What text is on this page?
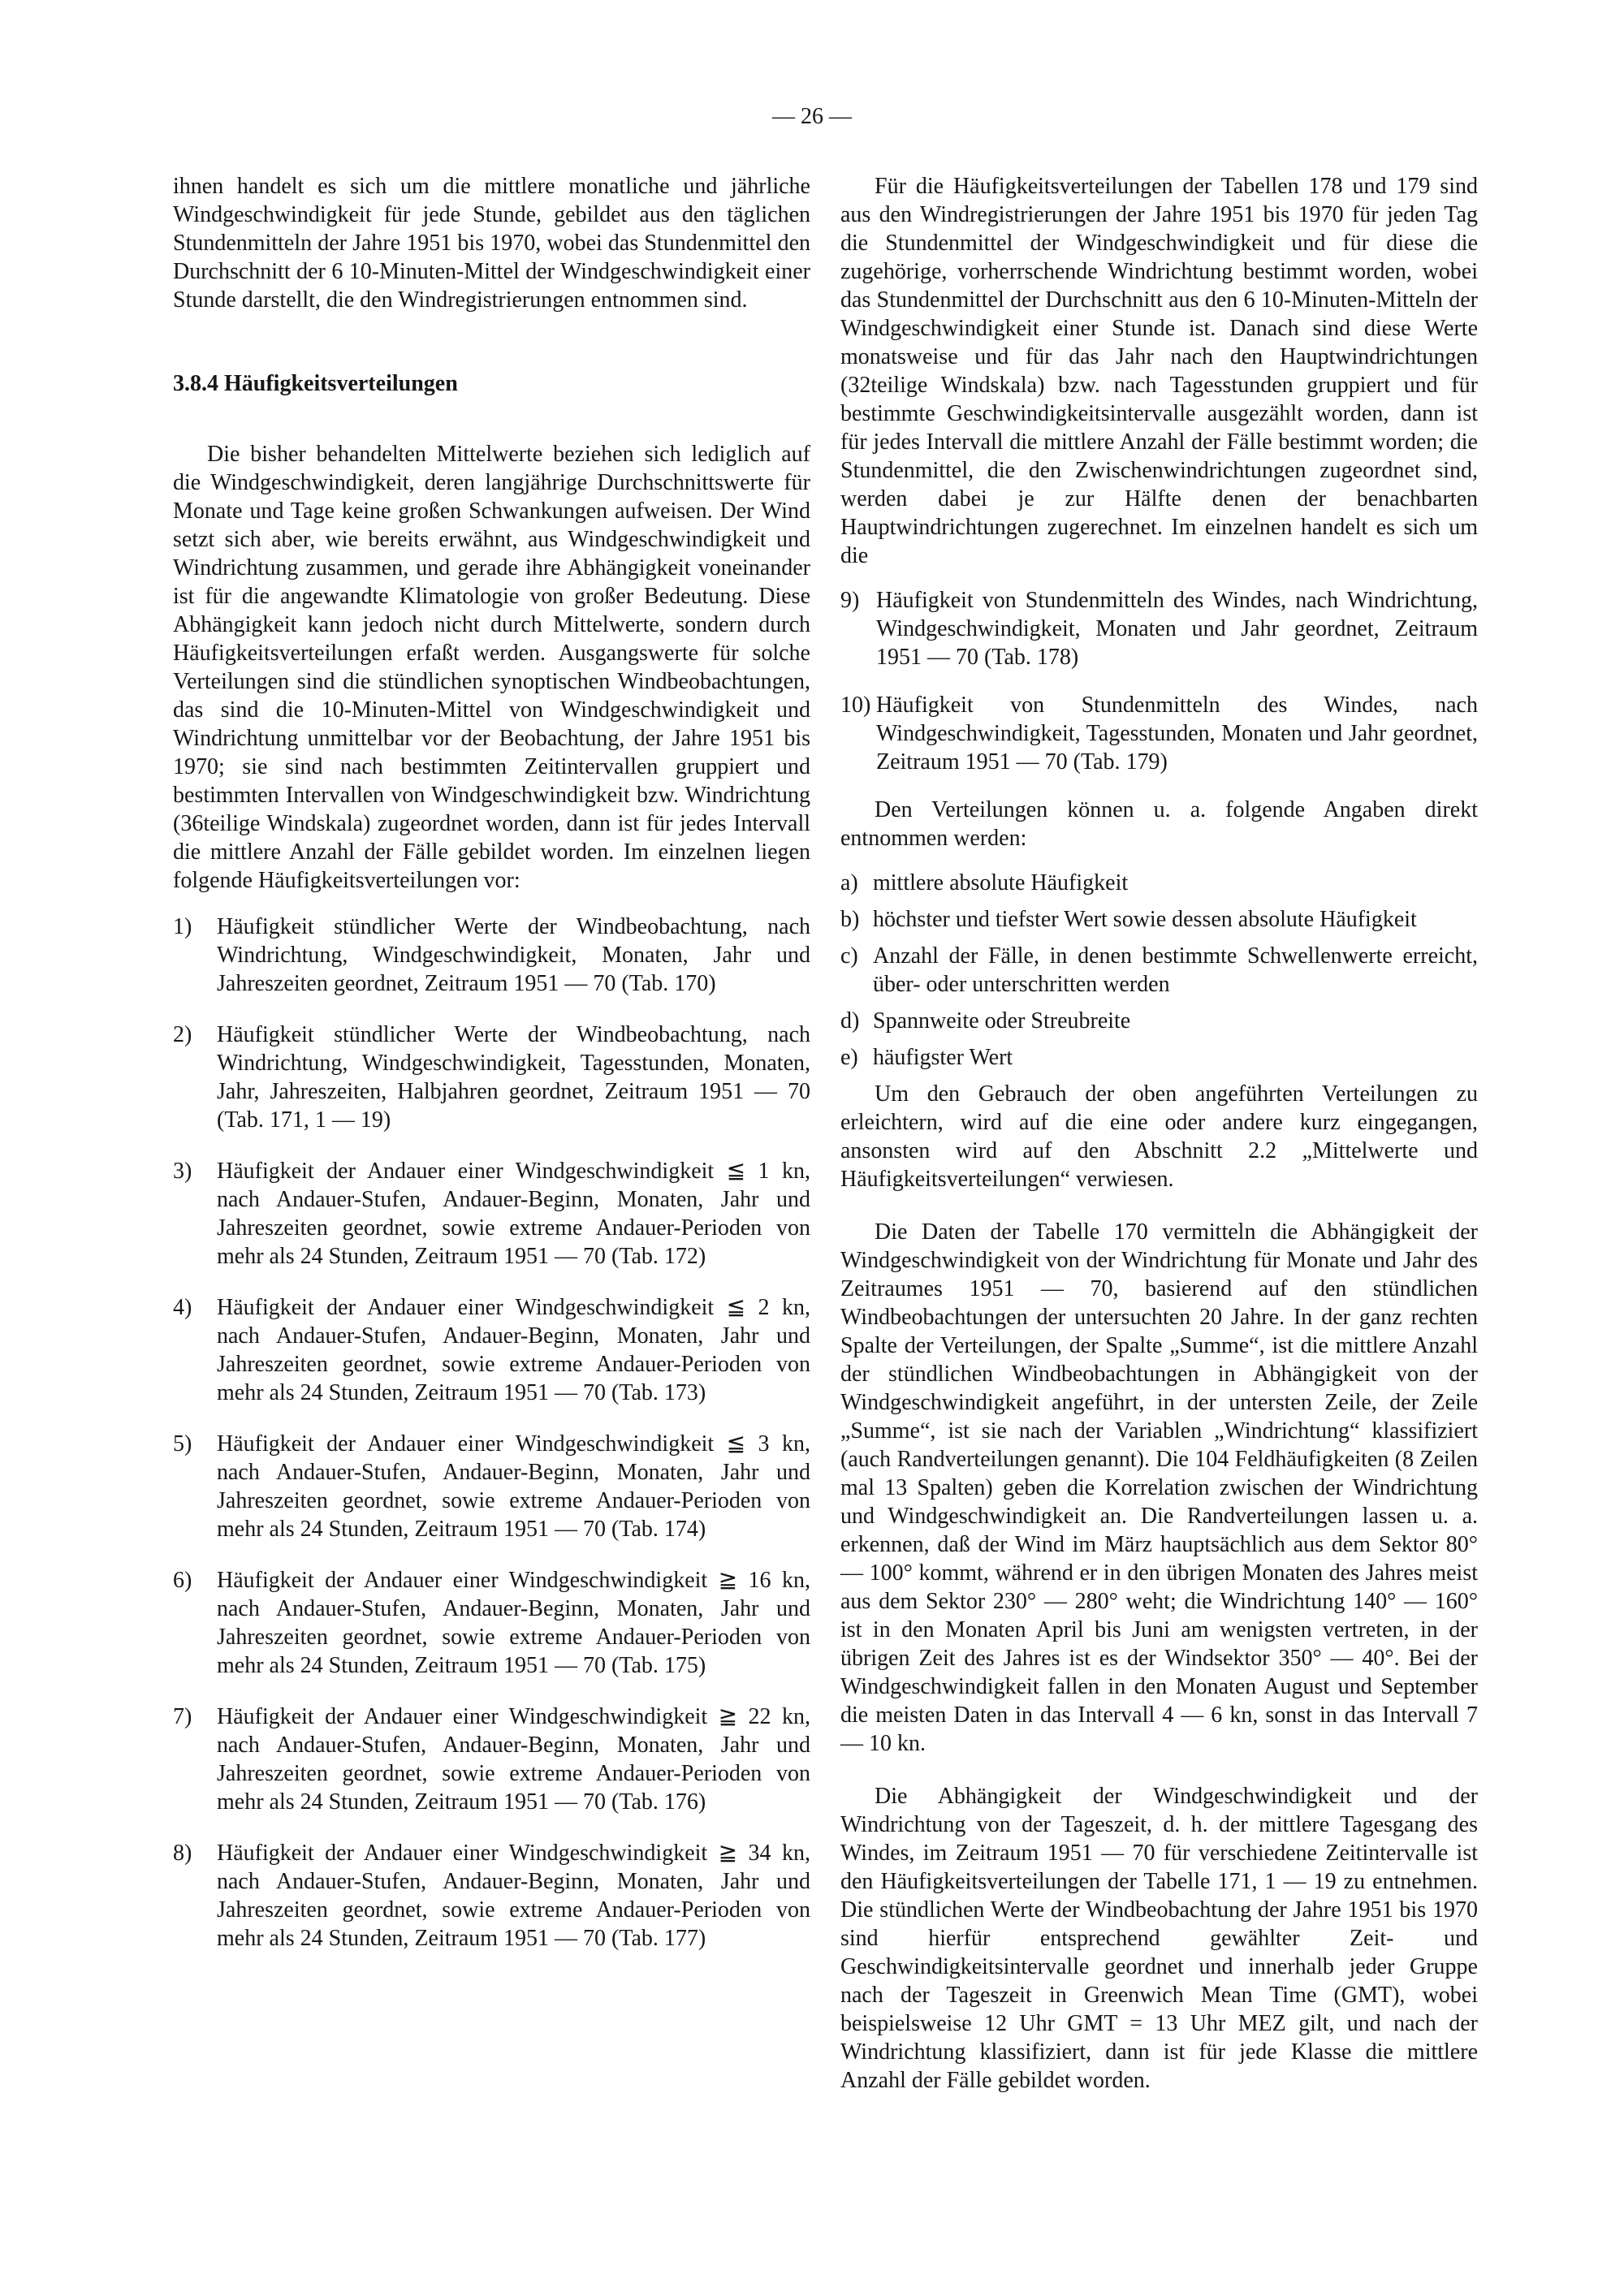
— 26 —

ihnen handelt es sich um die mittlere monatliche und jährliche Windgeschwindigkeit für jede Stunde, gebildet aus den täglichen Stundenmitteln der Jahre 1951 bis 1970, wobei das Stundenmittel den Durchschnitt der 6 10-Minuten-Mittel der Windgeschwindigkeit einer Stunde darstellt, die den Windregistrierungen entnommen sind.

3.8.4 Häufigkeitsverteilungen

Die bisher behandelten Mittelwerte beziehen sich lediglich auf die Windgeschwindigkeit, deren langjährige Durchschnittswerte für Monate und Tage keine großen Schwankungen aufweisen. Der Wind setzt sich aber, wie bereits erwähnt, aus Windgeschwindigkeit und Windrichtung zusammen, und gerade ihre Abhängigkeit voneinander ist für die angewandte Klimatologie von großer Bedeutung. Diese Abhängigkeit kann jedoch nicht durch Mittelwerte, sondern durch Häufigkeitsverteilungen erfaßt werden. Ausgangswerte für solche Verteilungen sind die stündlichen synoptischen Windbeobachtungen, das sind die 10-Minuten-Mittel von Windgeschwindigkeit und Windrichtung unmittelbar vor der Beobachtung, der Jahre 1951 bis 1970; sie sind nach bestimmten Zeitintervallen gruppiert und bestimmten Intervallen von Windgeschwindigkeit bzw. Windrichtung (36teilige Windskala) zugeordnet worden, dann ist für jedes Intervall die mittlere Anzahl der Fälle gebildet worden. Im einzelnen liegen folgende Häufigkeitsverteilungen vor:

1)	Häufigkeit stündlicher Werte der Windbeobachtung, nach Windrichtung, Windgeschwindigkeit, Monaten, Jahr und Jahreszeiten geordnet, Zeitraum 1951 — 70 (Tab. 170)
2)	Häufigkeit stündlicher Werte der Windbeobachtung, nach Windrichtung, Windgeschwindigkeit, Tagesstunden, Monaten, Jahr, Jahreszeiten, Halbjahren geordnet, Zeitraum 1951 — 70 (Tab. 171, 1 — 19)
3)	Häufigkeit der Andauer einer Windgeschwindigkeit ≦ 1 kn, nach Andauer-Stufen, Andauer-Beginn, Monaten, Jahr und Jahreszeiten geordnet, sowie extreme Andauer-Perioden von mehr als 24 Stunden, Zeitraum 1951 — 70 (Tab. 172)
4)	Häufigkeit der Andauer einer Windgeschwindigkeit ≦ 2 kn, nach Andauer-Stufen, Andauer-Beginn, Monaten, Jahr und Jahreszeiten geordnet, sowie extreme Andauer-Perioden von mehr als 24 Stunden, Zeitraum 1951 — 70 (Tab. 173)
5)	Häufigkeit der Andauer einer Windgeschwindigkeit ≦ 3 kn, nach Andauer-Stufen, Andauer-Beginn, Monaten, Jahr und Jahreszeiten geordnet, sowie extreme Andauer-Perioden von mehr als 24 Stunden, Zeitraum 1951 — 70 (Tab. 174)
6)	Häufigkeit der Andauer einer Windgeschwindigkeit ≧ 16 kn, nach Andauer-Stufen, Andauer-Beginn, Monaten, Jahr und Jahreszeiten geordnet, sowie extreme Andauer-Perioden von mehr als 24 Stunden, Zeitraum 1951 — 70 (Tab. 175)
7)	Häufigkeit der Andauer einer Windgeschwindigkeit ≧ 22 kn, nach Andauer-Stufen, Andauer-Beginn, Monaten, Jahr und Jahreszeiten geordnet, sowie extreme Andauer-Perioden von mehr als 24 Stunden, Zeitraum 1951 — 70 (Tab. 176)
8)	Häufigkeit der Andauer einer Windgeschwindigkeit ≧ 34 kn, nach Andauer-Stufen, Andauer-Beginn, Monaten, Jahr und Jahreszeiten geordnet, sowie extreme Andauer-Perioden von mehr als 24 Stunden, Zeitraum 1951 — 70 (Tab. 177)

Für die Häufigkeitsverteilungen der Tabellen 178 und 179 sind aus den Windregistrierungen der Jahre 1951 bis 1970 für jeden Tag die Stundenmittel der Windgeschwindigkeit und für diese die zugehörige, vorherrschende Windrichtung bestimmt worden, wobei das Stundenmittel der Durchschnitt aus den 6 10-Minuten-Mitteln der Windgeschwindigkeit einer Stunde ist. Danach sind diese Werte monatsweise und für das Jahr nach den Hauptwindrichtungen (32teilige Windskala) bzw. nach Tagesstunden gruppiert und für bestimmte Geschwindigkeitsintervalle ausgezählt worden, dann ist für jedes Intervall die mittlere Anzahl der Fälle bestimmt worden; die Stundenmittel, die den Zwischenwindrichtungen zugeordnet sind, werden dabei je zur Hälfte denen der benachbarten Hauptwindrichtungen zugerechnet. Im einzelnen handelt es sich um die

9) Häufigkeit von Stundenmitteln des Windes, nach Windrichtung, Windgeschwindigkeit, Monaten und Jahr geordnet, Zeitraum 1951 — 70 (Tab. 178)
10) Häufigkeit von Stundenmitteln des Windes, nach Windgeschwindigkeit, Tagesstunden, Monaten und Jahr geordnet, Zeitraum 1951 — 70 (Tab. 179)

Den Verteilungen können u. a. folgende Angaben direkt entnommen werden:

a) mittlere absolute Häufigkeit
b) höchster und tiefster Wert sowie dessen absolute Häufigkeit
c) Anzahl der Fälle, in denen bestimmte Schwellenwerte erreicht, über- oder unterschritten werden
d) Spannweite oder Streubreite
e) häufigster Wert

Um den Gebrauch der oben angeführten Verteilungen zu erleichtern, wird auf die eine oder andere kurz eingegangen, ansonsten wird auf den Abschnitt 2.2 „Mittelwerte und Häufigkeitsverteilungen“ verwiesen.

Die Daten der Tabelle 170 vermitteln die Abhängigkeit der Windgeschwindigkeit von der Windrichtung für Monate und Jahr des Zeitraumes 1951 — 70, basierend auf den stündlichen Windbeobachtungen der untersuchten 20 Jahre. In der ganz rechten Spalte der Verteilungen, der Spalte „Summe“, ist die mittlere Anzahl der stündlichen Windbeobachtungen in Abhängigkeit von der Windgeschwindigkeit angeführt, in der untersten Zeile, der Zeile „Summe“, ist sie nach der Variablen „Windrichtung“ klassifiziert (auch Randverteilungen genannt). Die 104 Feldhäufigkeiten (8 Zeilen mal 13 Spalten) geben die Korrelation zwischen der Windrichtung und Windgeschwindigkeit an. Die Randverteilungen lassen u. a. erkennen, daß der Wind im März hauptsächlich aus dem Sektor 80° — 100° kommt, während er in den übrigen Monaten des Jahres meist aus dem Sektor 230° — 280° weht; die Windrichtung 140° — 160° ist in den Monaten April bis Juni am wenigsten vertreten, in der übrigen Zeit des Jahres ist es der Windsektor 350° — 40°. Bei der Windgeschwindigkeit fallen in den Monaten August und September die meisten Daten in das Intervall 4 — 6 kn, sonst in das Intervall 7 — 10 kn.

Die Abhängigkeit der Windgeschwindigkeit und der Windrichtung von der Tageszeit, d. h. der mittlere Tagesgang des Windes, im Zeitraum 1951 — 70 für verschiedene Zeitintervalle ist den Häufigkeitsverteilungen der Tabelle 171, 1 — 19 zu entnehmen. Die stündlichen Werte der Windbeobachtung der Jahre 1951 bis 1970 sind hierfür entsprechend gewählter Zeit- und Geschwindigkeitsintervalle geordnet und innerhalb jeder Gruppe nach der Tageszeit in Greenwich Mean Time (GMT), wobei beispielsweise 12 Uhr GMT = 13 Uhr MEZ gilt, und nach der Windrichtung klassifiziert, dann ist für jede Klasse die mittlere Anzahl der Fälle gebildet worden.
